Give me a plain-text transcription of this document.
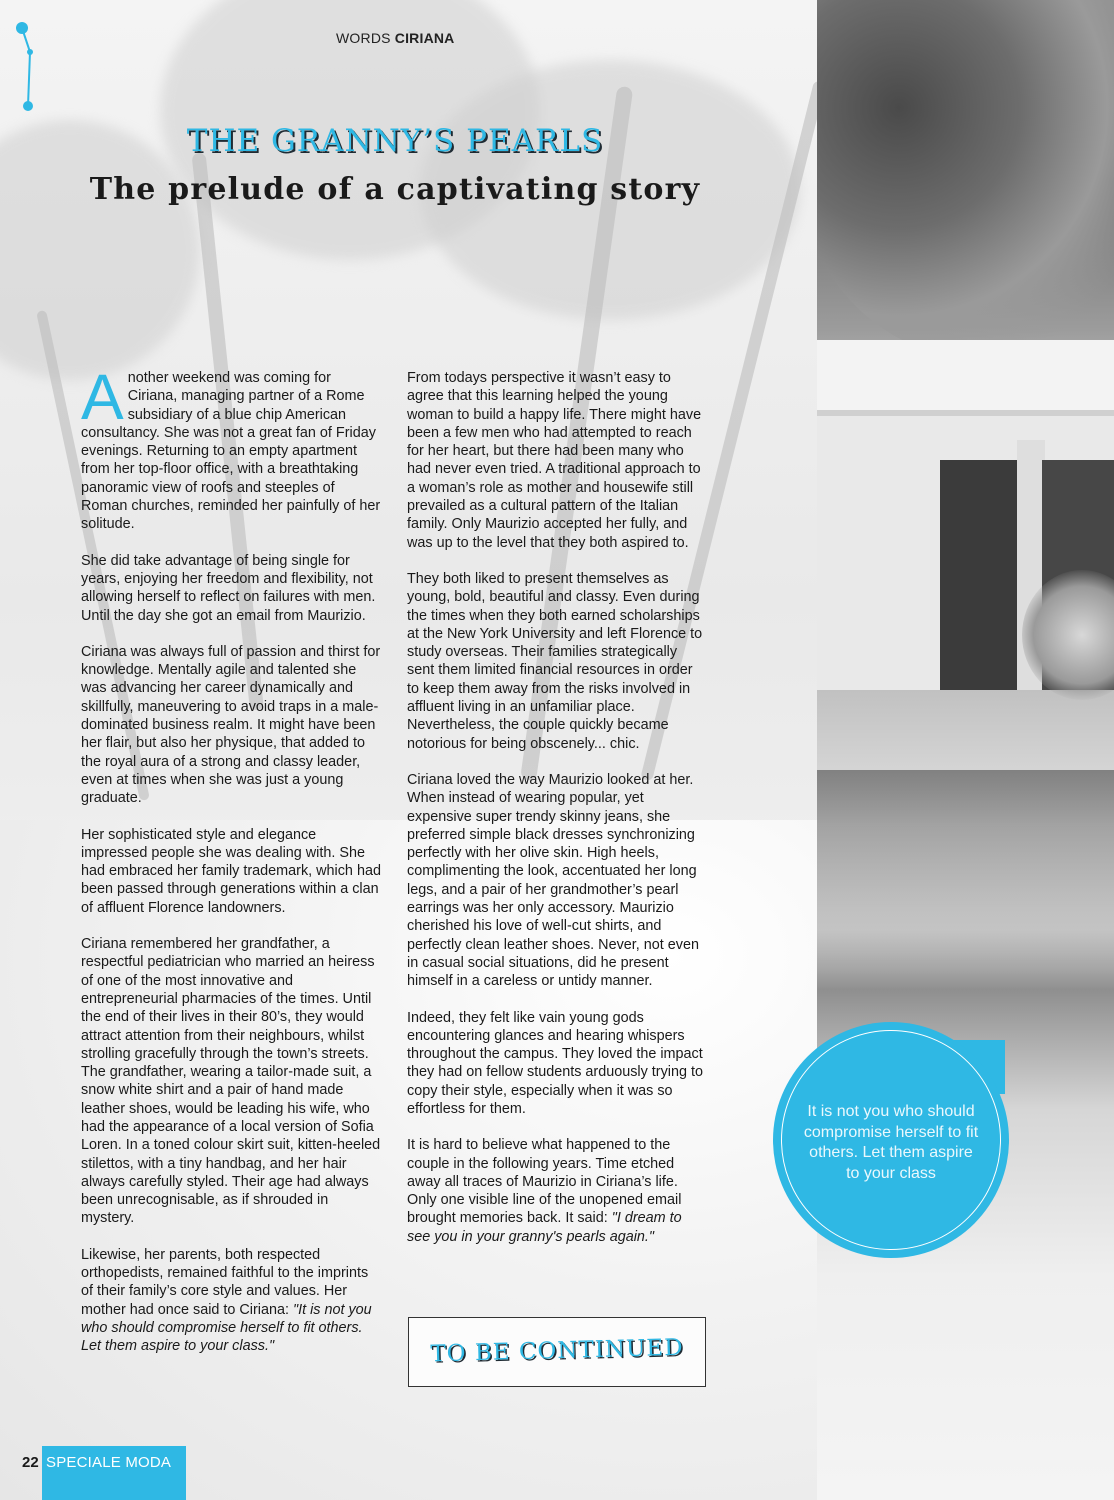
WORDS CIRIANA
THE GRANNY’S PEARLS
The prelude of a captivating story

Another weekend was coming for Ciriana, managing partner of a Rome subsidiary of a blue chip American consultancy. She was not a great fan of Friday evenings. Returning to an empty apartment from her top-floor office, with a breathtaking panoramic view of roofs and steeples of Roman churches, reminded her painfully of her solitude.

She did take advantage of being single for years, enjoying her freedom and flexibility, not allowing herself to reflect on failures with men. Until the day she got an email from Maurizio.

Ciriana was always full of passion and thirst for knowledge. Mentally agile and talented she was advancing her career dynamically and skillfully, maneuvering to avoid traps in a male-dominated business realm. It might have been her flair, but also her physique, that added to the royal aura of a strong and classy leader, even at times when she was just a young graduate.

Her sophisticated style and elegance impressed people she was dealing with. She had embraced her family trademark, which had been passed through generations within a clan of affluent Florence landowners.

Ciriana remembered her grandfather, a respectful pediatrician who married an heiress of one of the most innovative and entrepreneurial pharmacies of the times. Until the end of their lives in their 80’s, they would attract attention from their neighbours, whilst strolling gracefully through the town’s streets. The grandfather, wearing a tailor-made suit, a snow white shirt and a pair of hand made leather shoes, would be leading his wife, who had the appearance of a local version of Sofia Loren. In a toned colour skirt suit, kitten-heeled stilettos, with a tiny handbag, and her hair always carefully styled. Their age had always been unrecognisable, as if shrouded in mystery.

Likewise, her parents, both respected orthopedists, remained faithful to the imprints of their family’s core style and values. Her mother had once said to Ciriana: "It is not you who should compromise herself to fit others. Let them aspire to your class."

From todays perspective it wasn’t easy to agree that this learning helped the young woman to build a happy life. There might have been a few men who had attempted to reach for her heart, but there had been many who had never even tried. A traditional approach to a woman’s role as mother and housewife still prevailed as a cultural pattern of the Italian family. Only Maurizio accepted her fully, and was up to the level that they both aspired to.

They both liked to present themselves as young, bold, beautiful and classy. Even during the times when they both earned scholarships at the New York University and left Florence to study overseas. Their families strategically sent them limited financial resources in order to keep them away from the risks involved in affluent living in an unfamiliar place. Nevertheless, the couple quickly became notorious for being obscenely... chic.

Ciriana loved the way Maurizio looked at her. When instead of wearing popular, yet expensive super trendy skinny jeans, she preferred simple black dresses synchronizing perfectly with her olive skin. High heels, complimenting the look, accentuated her long legs, and a pair of her grandmother’s pearl earrings was her only accessory. Maurizio cherished his love of well-cut shirts, and perfectly clean leather shoes. Never, not even in casual social situations, did he present himself in a careless or untidy manner.

Indeed, they felt like vain young gods encountering glances and hearing whispers throughout the campus. They loved the impact they had on fellow students arduously trying to copy their style, especially when it was so effortless for them.

It is hard to believe what happened to the couple in the following years. Time etched away all traces of Maurizio in Ciriana’s life. Only one visible line of the unopened email brought memories back. It said: "I dream to see you in your granny's pearls again."

TO BE CONTINUED
It is not you who should compromise herself to fit others. Let them aspire to your class
22 SPECIALE MODA
